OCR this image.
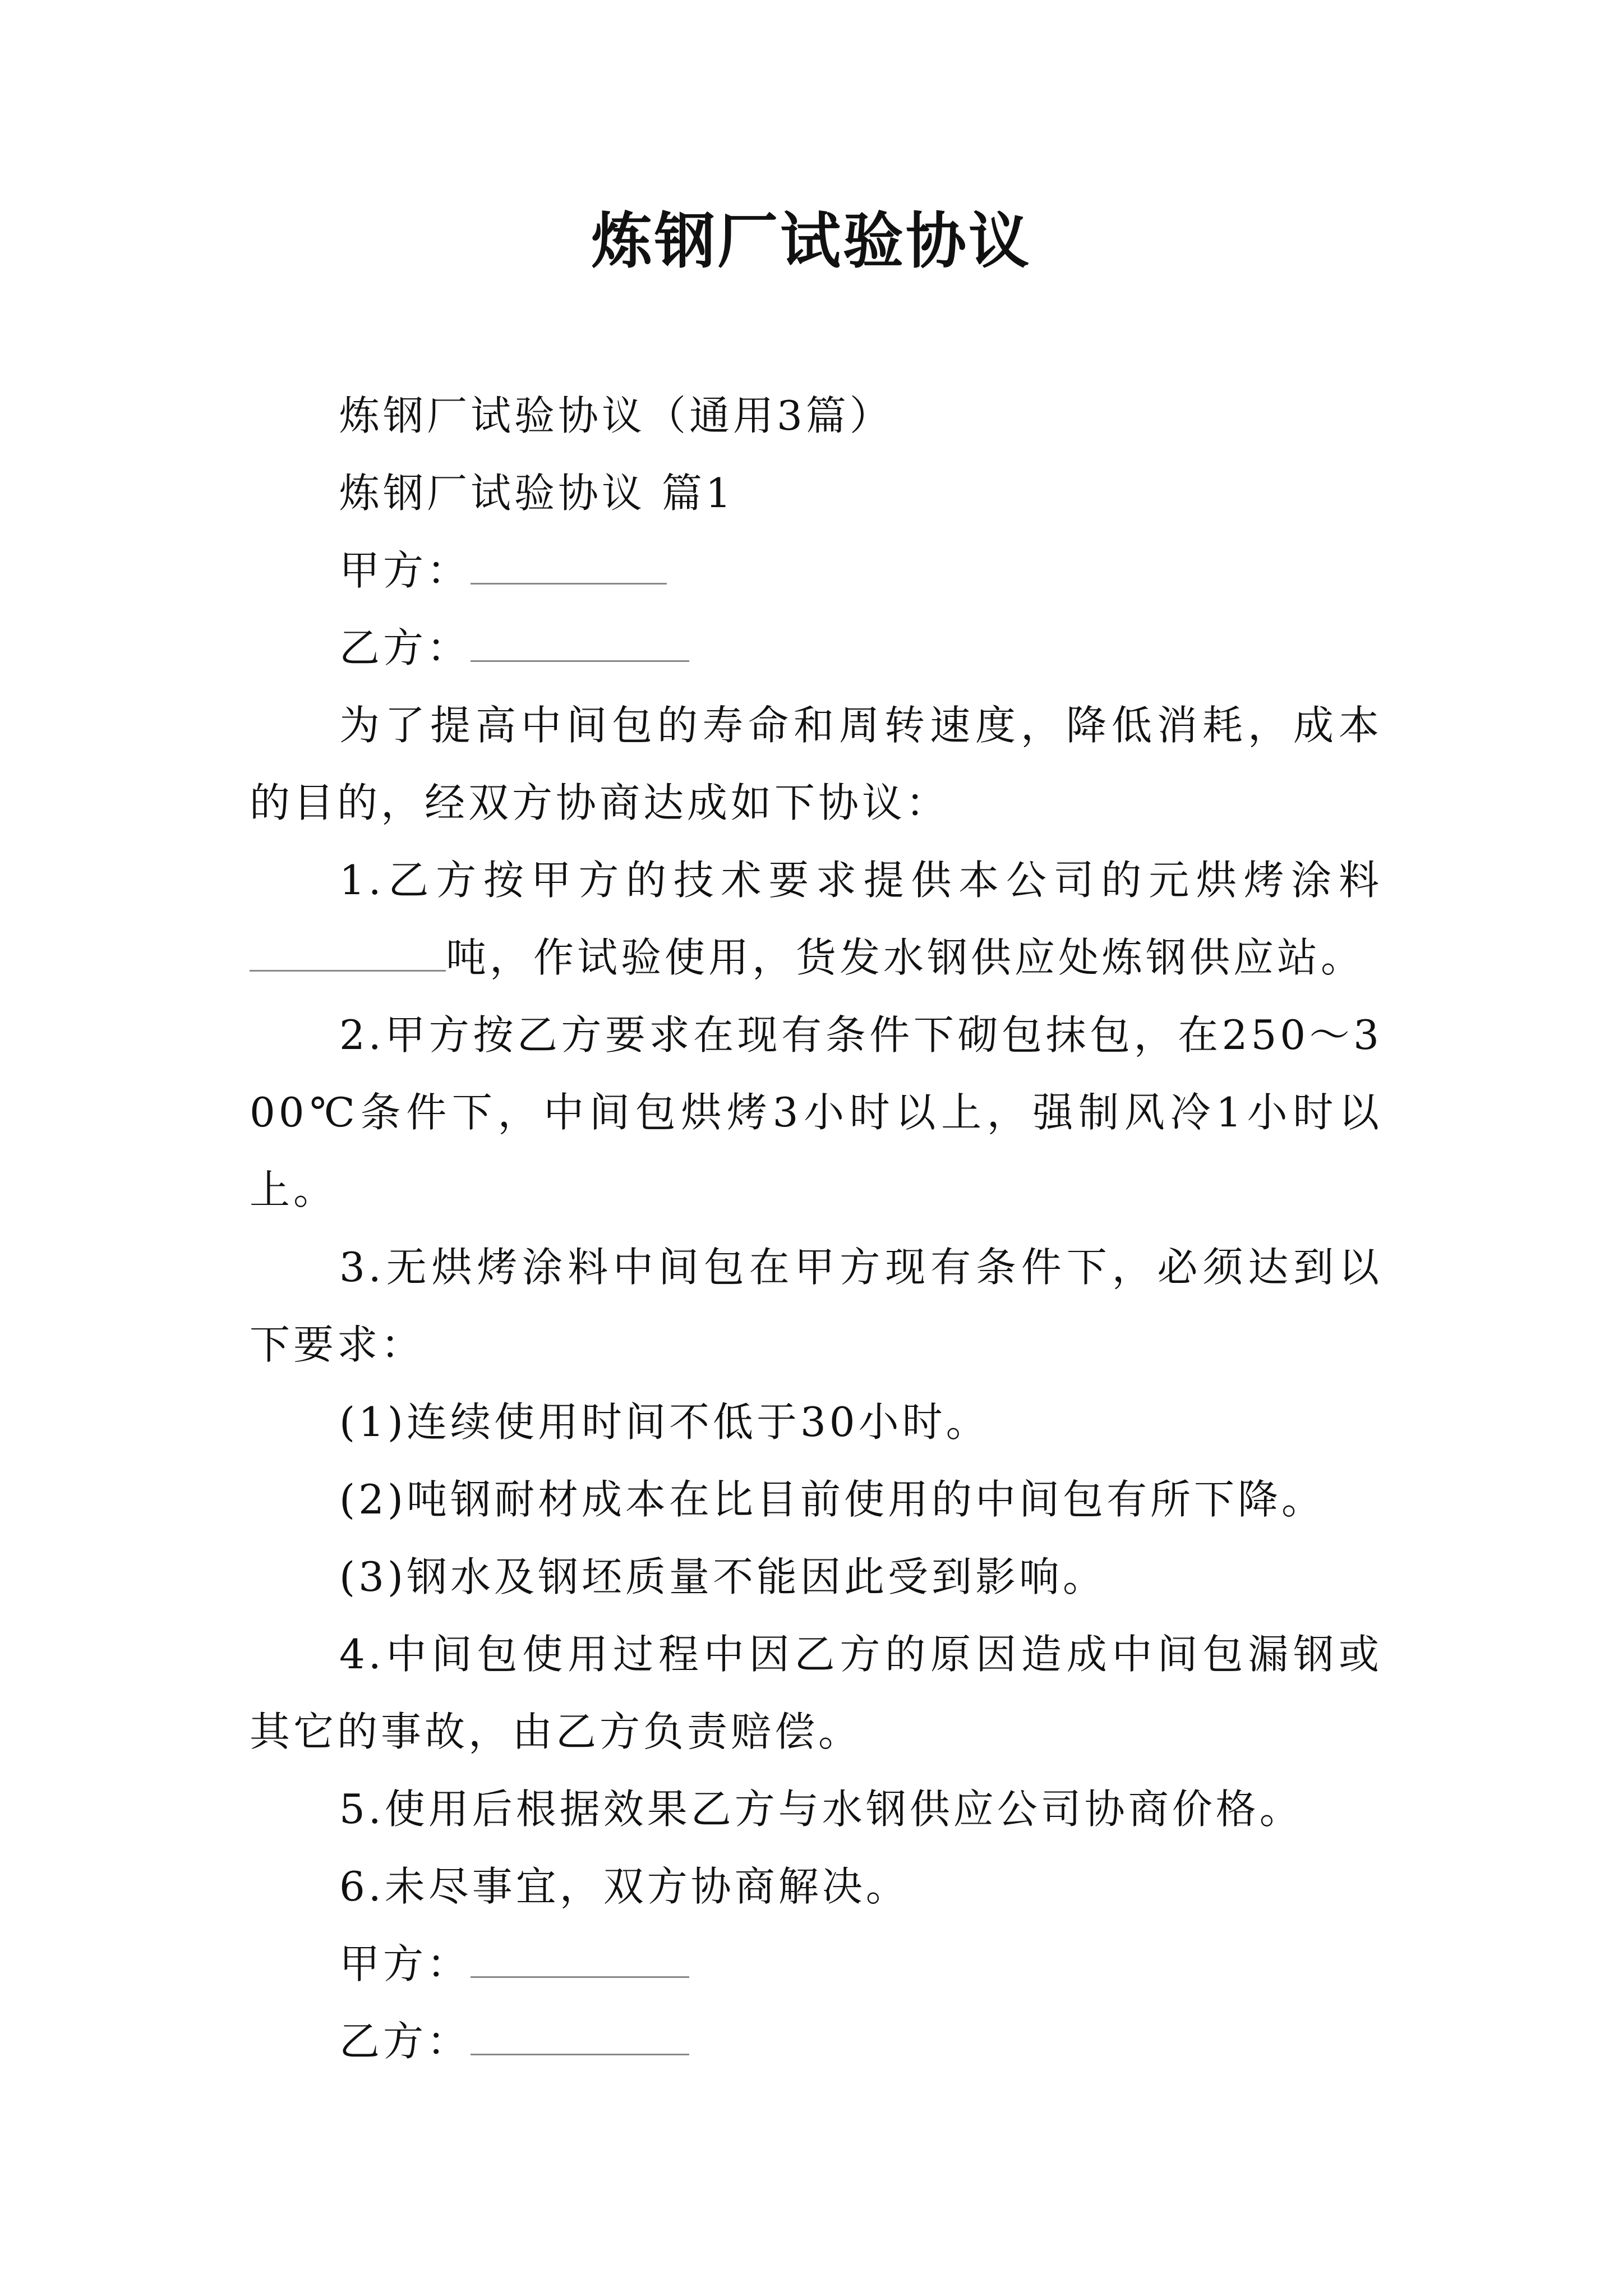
炼钢厂试验协议

炼钢厂试验协议（通用3篇）

炼钢厂试验协议 篇1

甲方：

乙方：

为了提高中间包的寿命和周转速度，降低消耗，成本的目的，经双方协商达成如下协议：

1.乙方按甲方的技术要求提供本公司的元烘烤涂料吨，作试验使用，货发水钢供应处炼钢供应站。

2.甲方按乙方要求在现有条件下砌包抹包，在250～300℃条件下，中间包烘烤3小时以上，强制风冷1小时以上。

3.无烘烤涂料中间包在甲方现有条件下，必须达到以下要求：

(1)连续使用时间不低于30小时。

(2)吨钢耐材成本在比目前使用的中间包有所下降。

(3)钢水及钢坯质量不能因此受到影响。

4.中间包使用过程中因乙方的原因造成中间包漏钢或其它的事故，由乙方负责赔偿。

5.使用后根据效果乙方与水钢供应公司协商价格。

6.未尽事宜，双方协商解决。

甲方：

乙方：
